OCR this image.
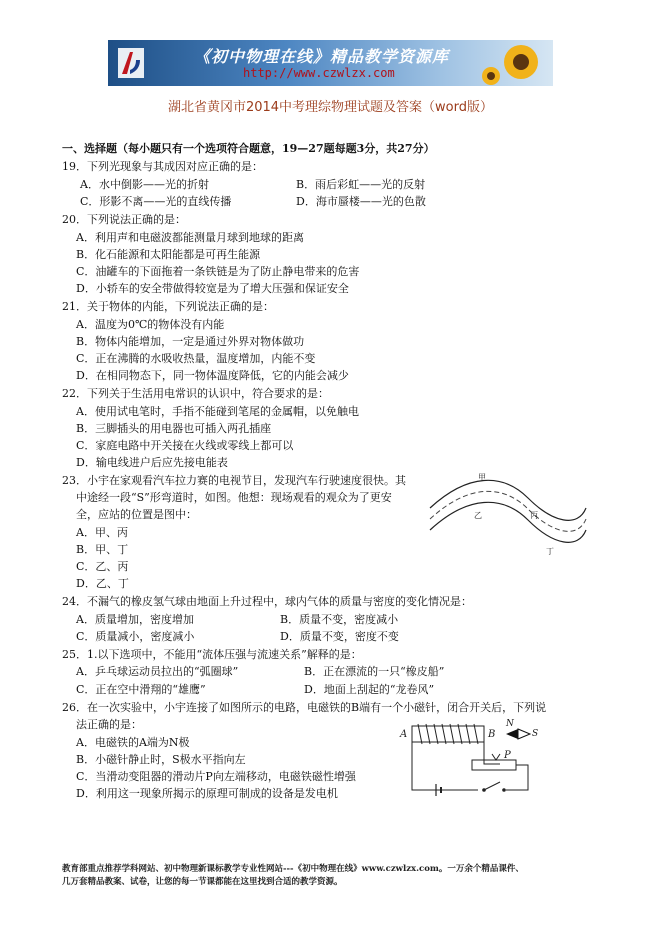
《初中物理在线》精品教学资源库
http://www.czwlzx.com
湖北省黄冈市2014中考理综物理试题及答案（word版）
一、选择题（每小题只有一个选项符合题意，19—27题每题3分，共27分）
19．下列光现象与其成因对应正确的是：
A．水中倒影——光的折射	B．雨后彩虹——光的反射
C．形影不离——光的直线传播	D．海市蜃楼——光的色散
20．下列说法正确的是：
A．利用声和电磁波都能测量月球到地球的距离
B．化石能源和太阳能都是可再生能源
C．油罐车的下面拖着一条铁链是为了防止静电带来的危害
D．小轿车的安全带做得较宽是为了增大压强和保证安全
21．关于物体的内能，下列说法正确的是：
A．温度为0℃的物体没有内能
B．物体内能增加，一定是通过外界对物体做功
C．正在沸腾的水吸收热量，温度增加，内能不变
D．在相同物态下，同一物体温度降低，它的内能会减少
22．下列关于生活用电常识的认识中，符合要求的是：
A．使用试电笔时，手指不能碰到笔尾的金属帽，以免触电
B．三脚插头的用电器也可插入两孔插座
C．家庭电路中开关接在火线或零线上都可以
D．输电线进户后应先接电能表
23．小宇在家观看汽车拉力赛的电视节目，发现汽车行驶速度很快。其
中途经一段“S”形弯道时，如图。他想：现场观看的观众为了更安
全，应站的位置是图中：
A．甲、丙
B．甲、丁
C．乙、丙
D．乙、丁
甲
乙	丙
丁
24．不漏气的橡皮氢气球由地面上升过程中，球内气体的质量与密度的变化情况是：
A．质量增加，密度增加	B．质量不变，密度减小
C．质量减小，密度减小	D．质量不变，密度不变
25．1.以下选项中，不能用“流体压强与流速关系”解释的是：
A．乒乓球运动员拉出的“弧圈球”	B．正在漂流的一只“橡皮船”
C．正在空中滑翔的“雄鹰”	D．地面上刮起的“龙卷风”
26．在一次实验中，小宇连接了如图所示的电路，电磁铁的B端有一个小磁针，闭合开关后，下列说
法正确的是：
A．电磁铁的A端为N极
B．小磁针静止时，S极水平指向左
C．当滑动变阻器的滑动片P向左端移动，电磁铁磁性增强
D．利用这一现象所揭示的原理可制成的设备是发电机
A	B
N
S
P
教育部重点推荐学科网站、初中物理新课标教学专业性网站---《初中物理在线》www.czwlzx.com。一万余个精品课件、
几万套精品教案、试卷，让您的每一节课都能在这里找到合适的教学资源。
